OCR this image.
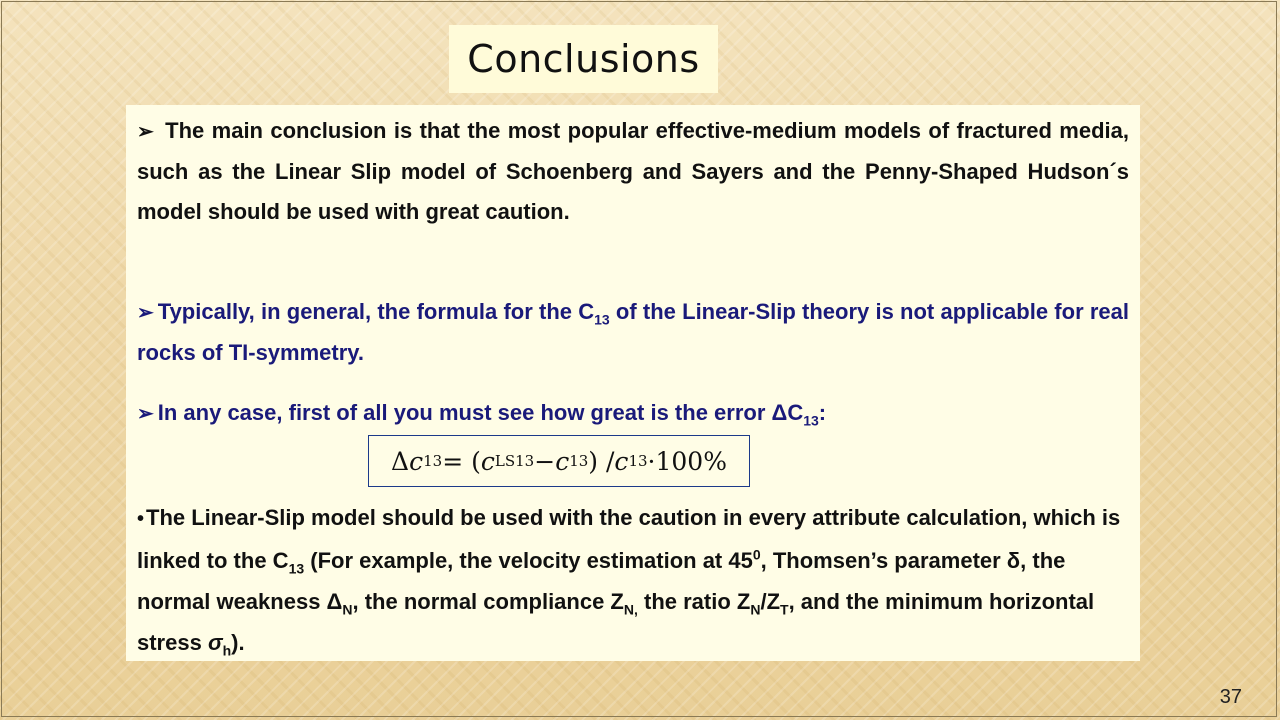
Conclusions
➢ The main conclusion is that the most popular effective-medium models of fractured media, such as the Linear Slip model of Schoenberg and Sayers and the Penny-Shaped Hudson´s model should be used with great caution.
➢ Typically, in general, the formula for the $C_{13}$ of the Linear-Slip theory is not applicable for real rocks of TI-symmetry.
➢ In any case, first of all you must see how great is the error $\Delta C_{13}$:
Δ c 13 = ( c LS 13 − c 13 ) / c 13 ·100%
•The Linear-Slip model should be used with the caution in every attribute calculation, which is linked to the $C_{13}$ (For example, the velocity estimation at $45^0$, Thomsen’s parameter δ, the normal weakness $\Delta_N$, the normal compliance $Z_{N,}$ the ratio $Z_N/Z_T$, and the minimum horizontal stress $\sigma_h$).
37
